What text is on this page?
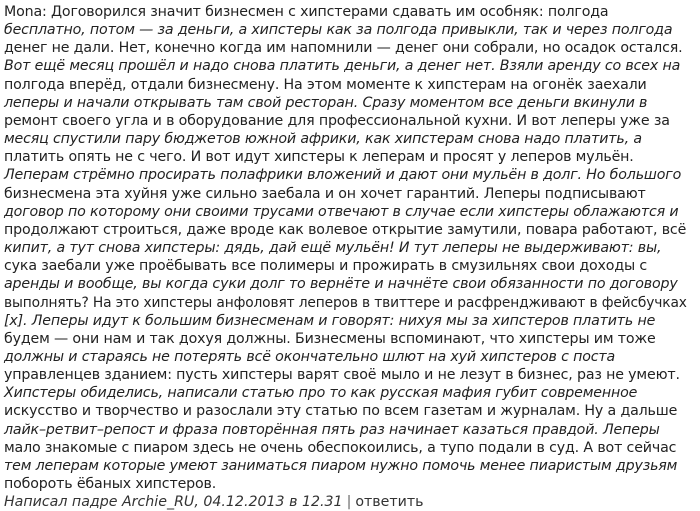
Mona: Договорился значит бизнесмен с хипстерами сдавать им особняк: полгода
бесплатно, потом — за деньги, а хипстеры как за полгода привыкли, так и через полгода
денег не дали. Нет, конечно когда им напомнили — денег они собрали, но осадок остался.
Вот ещё месяц прошёл и надо снова платить деньги, а денег нет. Взяли аренду со всех на
полгода вперёд, отдали бизнесмену. На этом моменте к хипстерам на огонёк заехали
леперы и начали открывать там свой ресторан. Сразу моментом все деньги вкинули в
ремонт своего угла и в оборудование для профессиональной кухни. И вот леперы уже за
месяц спустили пару бюджетов южной африки, как хипстерам снова надо платить, а
платить опять не с чего. И вот идут хипстеры к леперам и просят у леперов мульён.
Леперам стрёмно просирать полафрики вложений и дают они мульён в долг. Но большого
бизнесмена эта хуйня уже сильно заебала и он хочет гарантий. Леперы подписывают
договор по которому они своими трусами отвечают в случае если хипстеры облажаются и
продолжают строиться, даже вроде как волевое открытие замутили, повара работают, всё
кипит, а тут снова хипстеры: дядь, дай ещё мульён! И тут леперы не выдерживают: вы,
сука заебали уже проёбывать все полимеры и прожирать в смузильнях свои доходы с
аренды и вообще, вы когда суки долг то вернёте и начнёте свои обязанности по договору
выполнять? На это хипстеры анфоловят леперов в твиттере и расфрендживают в фейсбучках
[x]. Леперы идут к большим бизнесменам и говорят: нихуя мы за хипстеров платить не
будем — они нам и так дохуя должны. Бизнесмены вспоминают, что хипстеры им тоже
должны и стараясь не потерять всё окончательно шлют на хуй хипстеров с поста
управленцев зданием: пусть хипстеры варят своё мыло и не лезут в бизнес, раз не умеют.
Хипстеры обиделись, написали статью про то как русская мафия губит современное
искусство и творчество и разослали эту статью по всем газетам и журналам. Ну а дальше
лайк–ретвит–репост и фраза повторённая пять раз начинает казаться правдой. Леперы
мало знакомые с пиаром здесь не очень обеспокоились, а тупо подали в суд. А вот сейчас
тем леперам которые умеют заниматься пиаром нужно помочь менее пиаристым друзьям
побороть ёбаных хипстеров.
Написал падре Archie_RU, 04.12.2013 в 12.31 | ответить
